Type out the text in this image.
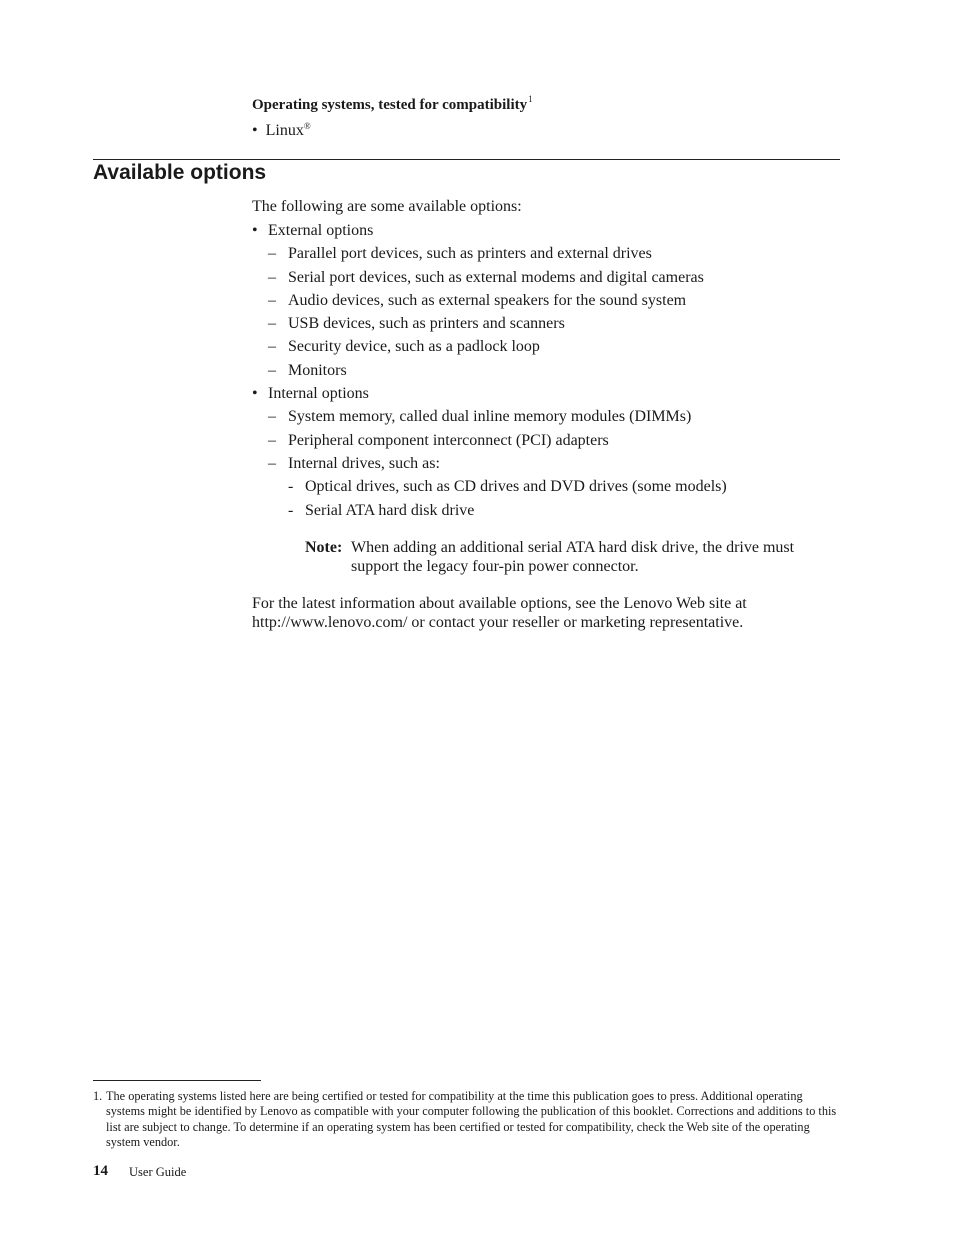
Operating systems, tested for compatibility$^1$
• Linux®
Available options
The following are some available options:
• External options
– Parallel port devices, such as printers and external drives
– Serial port devices, such as external modems and digital cameras
– Audio devices, such as external speakers for the sound system
– USB devices, such as printers and scanners
– Security device, such as a padlock loop
– Monitors
• Internal options
– System memory, called dual inline memory modules (DIMMs)
– Peripheral component interconnect (PCI) adapters
– Internal drives, such as:
- Optical drives, such as CD drives and DVD drives (some models)
- Serial ATA hard disk drive
Note: When adding an additional serial ATA hard disk drive, the drive must support the legacy four-pin power connector.
For the latest information about available options, see the Lenovo Web site at http://www.lenovo.com/ or contact your reseller or marketing representative.
1. The operating systems listed here are being certified or tested for compatibility at the time this publication goes to press. Additional operating systems might be identified by Lenovo as compatible with your computer following the publication of this booklet. Corrections and additions to this list are subject to change. To determine if an operating system has been certified or tested for compatibility, check the Web site of the operating system vendor.
14 User Guide
